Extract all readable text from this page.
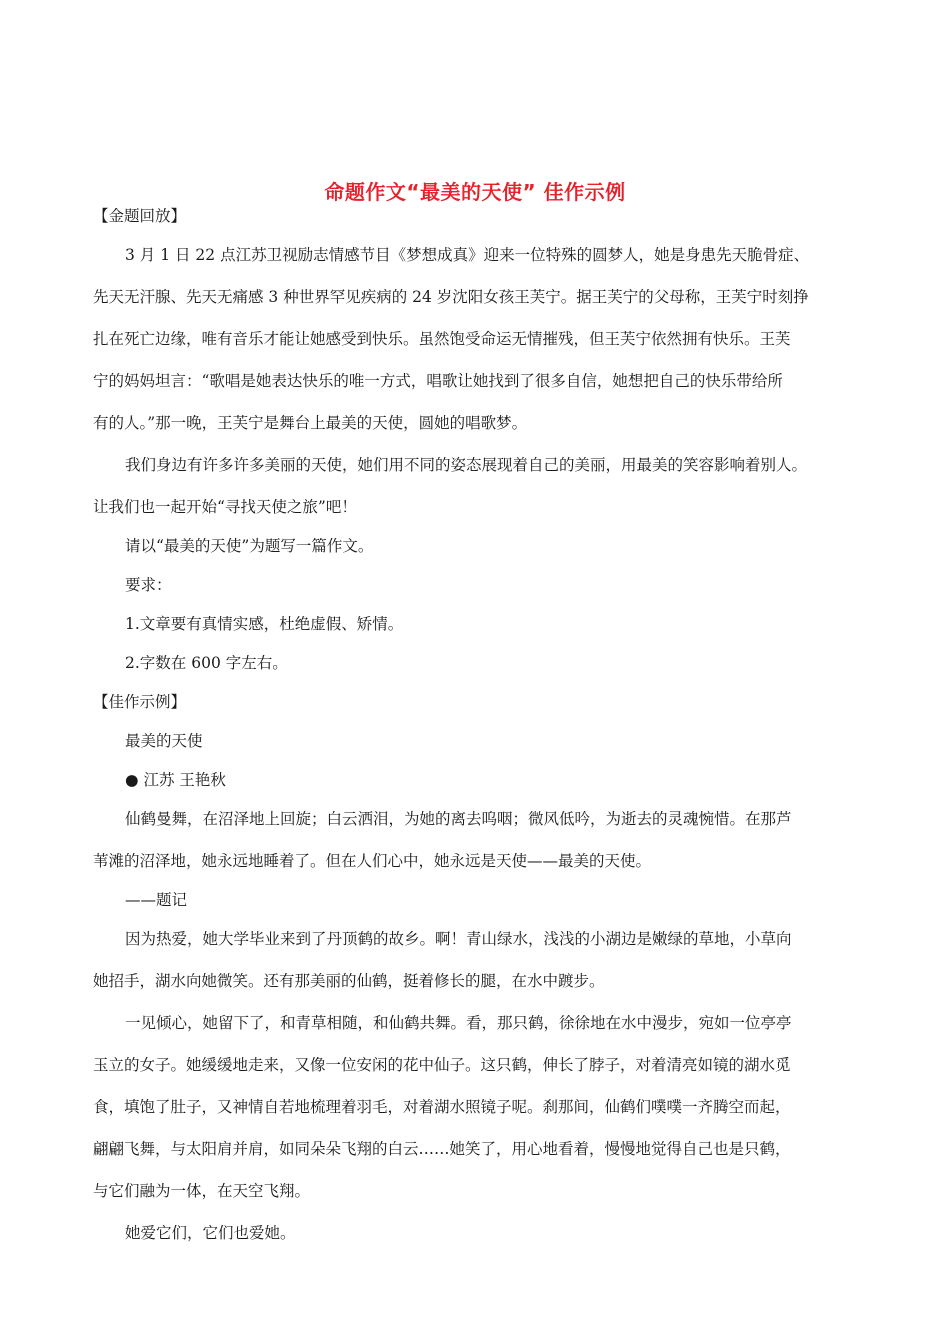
命题作文“最美的天使” 佳作示例
【金题回放】
3 月 1 日 22 点江苏卫视励志情感节目《梦想成真》迎来一位特殊的圆梦人，她是身患先天脆骨症、
先天无汗腺、先天无痛感 3 种世界罕见疾病的 24 岁沈阳女孩王芙宁。据王芙宁的父母称，王芙宁时刻挣
扎在死亡边缘，唯有音乐才能让她感受到快乐。虽然饱受命运无情摧残，但王芙宁依然拥有快乐。王芙
宁的妈妈坦言：“歌唱是她表达快乐的唯一方式，唱歌让她找到了很多自信，她想把自己的快乐带给所
有的人。”那一晚，王芙宁是舞台上最美的天使，圆她的唱歌梦。
我们身边有许多许多美丽的天使，她们用不同的姿态展现着自己的美丽，用最美的笑容影响着别人。
让我们也一起开始“寻找天使之旅”吧！
请以“最美的天使”为题写一篇作文。
要求：
1.文章要有真情实感，杜绝虚假、矫情。
2.字数在 600 字左右。
【佳作示例】
最美的天使
● 江苏 王艳秋
仙鹤曼舞，在沼泽地上回旋；白云洒泪，为她的离去呜咽；微风低吟，为逝去的灵魂惋惜。在那芦
苇滩的沼泽地，她永远地睡着了。但在人们心中，她永远是天使——最美的天使。
——题记
因为热爱，她大学毕业来到了丹顶鹤的故乡。啊！青山绿水，浅浅的小湖边是嫩绿的草地，小草向
她招手，湖水向她微笑。还有那美丽的仙鹤，挺着修长的腿，在水中踱步。
一见倾心，她留下了，和青草相随，和仙鹤共舞。看，那只鹤，徐徐地在水中漫步，宛如一位亭亭
玉立的女子。她缓缓地走来，又像一位安闲的花中仙子。这只鹤，伸长了脖子，对着清亮如镜的湖水觅
食，填饱了肚子，又神情自若地梳理着羽毛，对着湖水照镜子呢。刹那间，仙鹤们噗噗一齐腾空而起，
翩翩飞舞，与太阳肩并肩，如同朵朵飞翔的白云……她笑了，用心地看着，慢慢地觉得自己也是只鹤，
与它们融为一体，在天空飞翔。
她爱它们，它们也爱她。
